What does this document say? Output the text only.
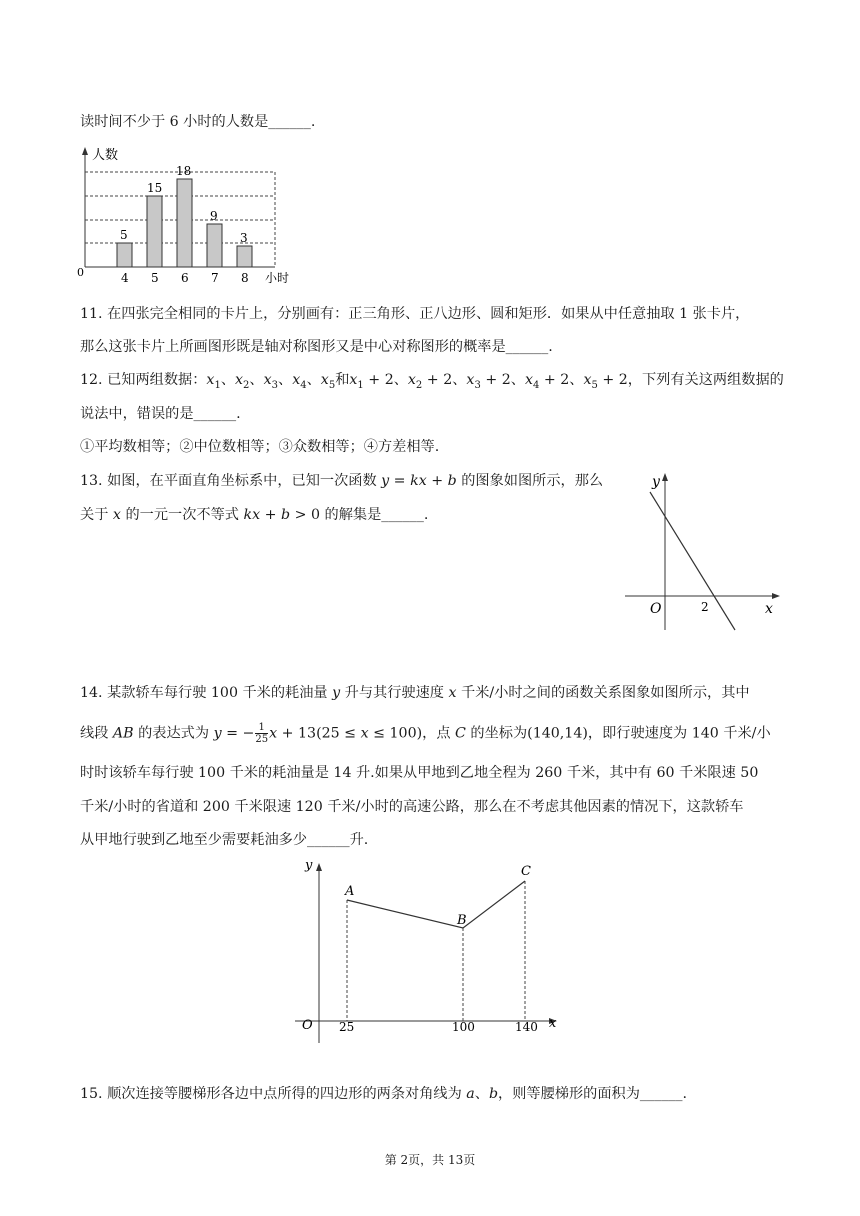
读时间不少于 6 小时的人数是______.
人数
0	小时
5
15
18
9
3
4 5 6 7 8
11. 在四张完全相同的卡片上，分别画有：正三角形、正八边形、圆和矩形．如果从中任意抽取 1 张卡片，
那么这张卡片上所画图形既是轴对称图形又是中心对称图形的概率是______.
12. 已知两组数据：$x_1$、$x_2$、$x_3$、$x_4$、$x_5$和$x_1 + 2$、$x_2 + 2$、$x_3 + 2$、$x_4 + 2$、$x_5 + 2$，下列有关这两组数据的
说法中，错误的是______.
①平均数相等；②中位数相等；③众数相等；④方差相等.
13. 如图，在平面直角坐标系中，已知一次函数 y = kx + b 的图象如图所示，那么
关于 x 的一元一次不等式 kx + b > 0 的解集是______.
y
x
O	2
14. 某款轿车每行驶 100 千米的耗油量 y 升与其行驶速度 x 千米/小时之间的函数关系图象如图所示，其中
线段 AB 的表达式为 y = − $\frac{1}{25}$ x + 13(25 ≤ x ≤ 100)，点 C 的坐标为(140,14)，即行驶速度为 140 千米/小
时时该轿车每行驶 100 千米的耗油量是 14 升.如果从甲地到乙地全程为 260 千米，其中有 60 千米限速 50
千米/小时的省道和 200 千米限速 120 千米/小时的高速公路，那么在不考虑其他因素的情况下，这款轿车
从甲地行驶到乙地至少需要耗油多少______升.
y
x
O
A
B
C
25	100	140
15. 顺次连接等腰梯形各边中点所得的四边形的两条对角线为 a、b，则等腰梯形的面积为______.
第 2页，共 13页
